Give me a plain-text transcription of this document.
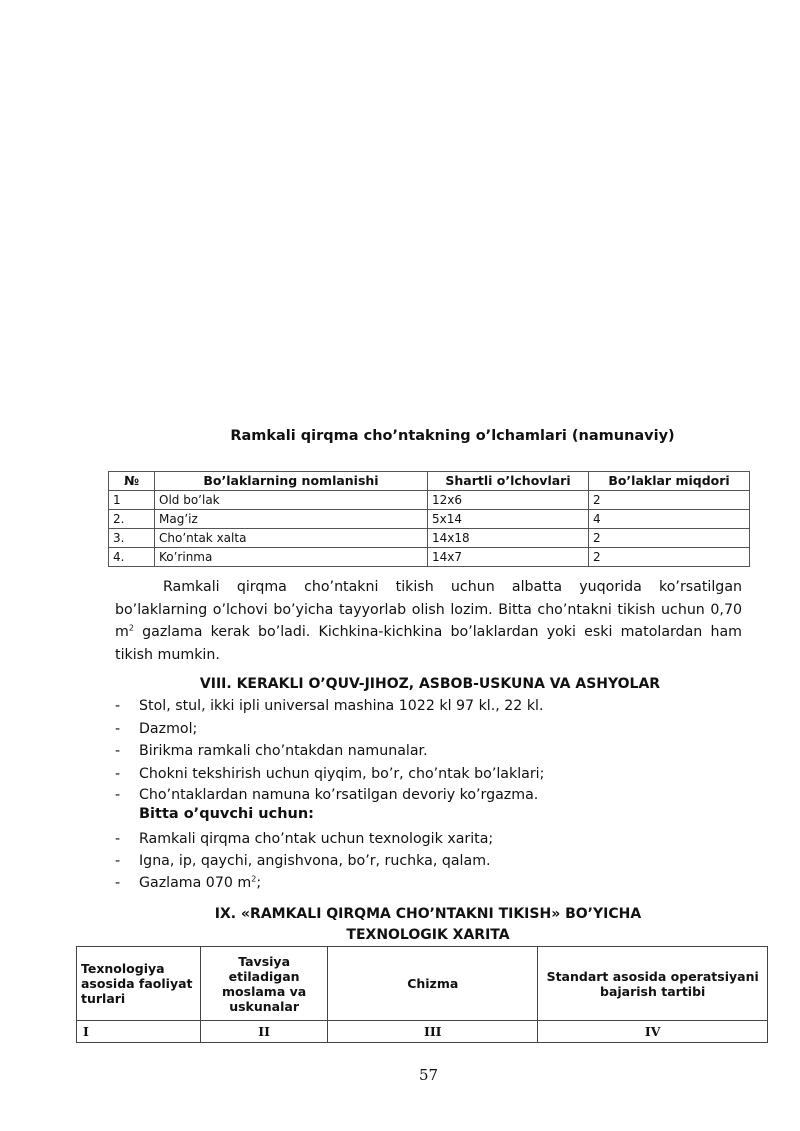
Ramkali qirqma cho’ntakning o’lchamlari (namunaviy)
№	Bo’laklarning nomlanishi	Shartli o’lchovlari	Bo’laklar miqdori
1	Old bo’lak	12x6	2
2.	Mag’iz	5x14	4
3.	Cho’ntak xalta	14x18	2
4.	Ko’rinma	14x7	2
Ramkali qirqma cho’ntakni tikish uchun albatta yuqorida ko’rsatilgan bo’laklarning o’lchovi bo’yicha tayyorlab olish lozim. Bitta cho’ntakni tikish uchun 0,70 $m^2$ gazlama kerak bo’ladi. Kichkina-kichkina bo’laklardan yoki eski matolardan ham tikish mumkin.
VIII. KERAKLI O’QUV-JIHOZ, ASBOB-USKUNA VA ASHYOLAR
-	Stol, stul, ikki ipli universal mashina 1022 kl 97 kl., 22 kl.
-	Dazmol;
-	Birikma ramkali cho’ntakdan namunalar.
-	Chokni tekshirish uchun qiyqim, bo’r, cho’ntak bo’laklari;
-	Cho’ntaklardan namuna ko’rsatilgan devoriy ko’rgazma.
Bitta o’quvchi uchun:
-	Ramkali qirqma cho’ntak uchun texnologik xarita;
-	Igna, ip, qaychi, angishvona, bo’r, ruchka, qalam.
-	Gazlama 070 $m^2$;
IX. «RAMKALI QIRQMA CHO’NTAKNI TIKISH» BO’YICHA
TEXNOLOGIK XARITA
Texnologiya asosida faoliyat turlari	Tavsiya etiladigan moslama va uskunalar	Chizma	Standart asosida operatsiyani bajarish tartibi
I	II	III	IV
57
